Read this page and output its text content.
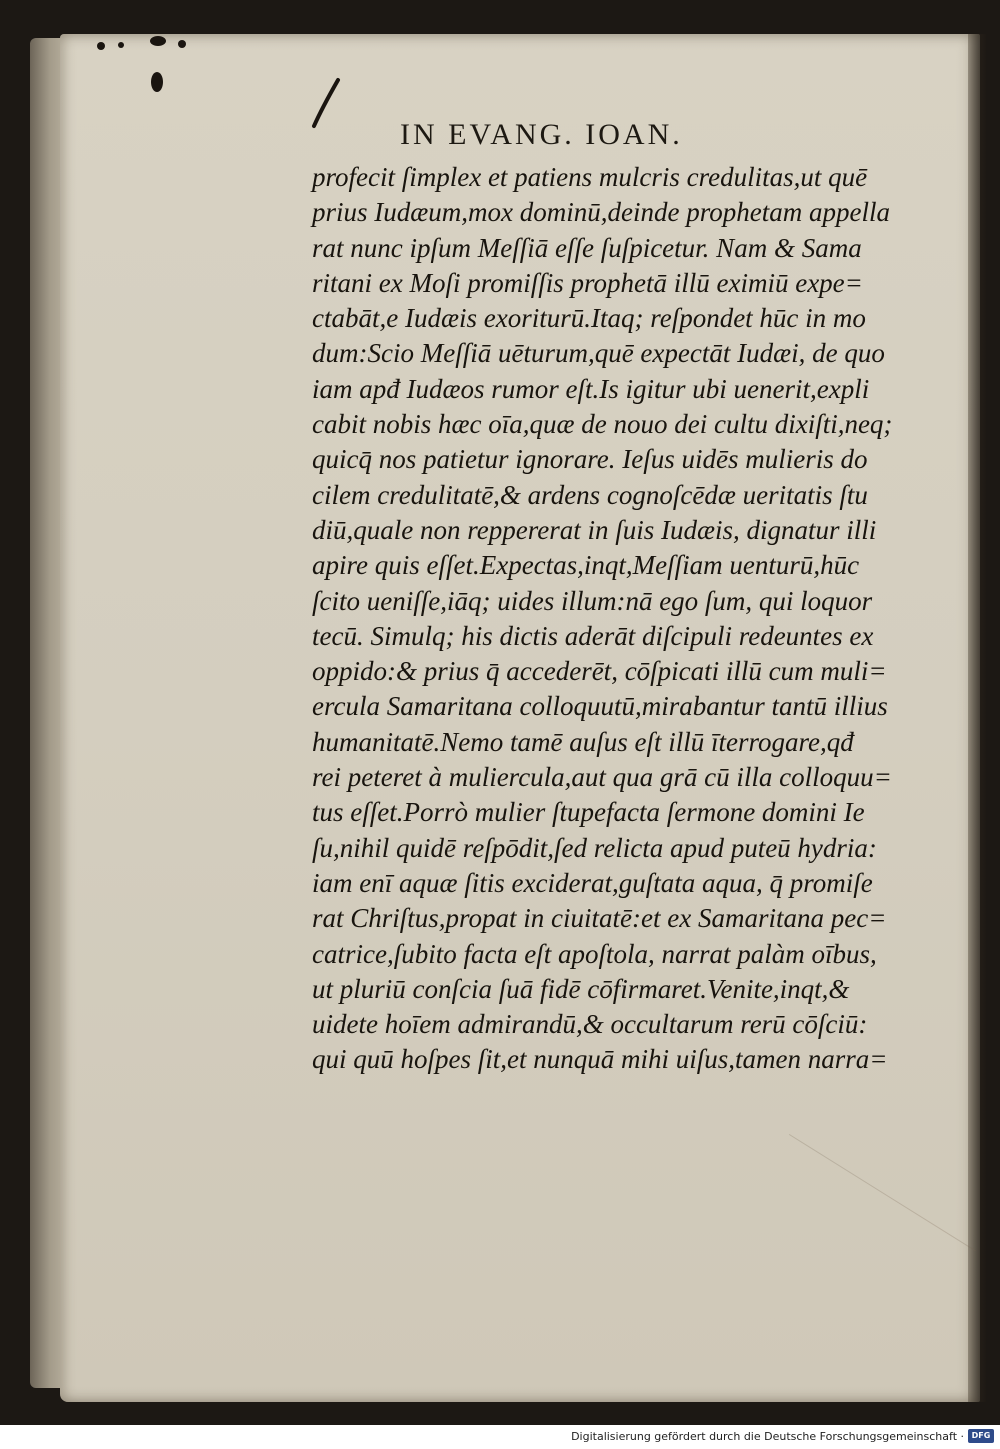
IN EVANG. IOAN.
profecit ſimplex et patiens mulcris credulitas,ut quē
prius Iudæum,mox dominū,deinde prophetam appella
rat nunc ipſum Meſſiā eſſe ſuſpicetur. Nam & Sama
ritani ex Moſi promiſſis prophetā illū eximiū expe=
ctabāt,e Iudæis exoriturū.Itaq; reſpondet hūc in mo
dum:Scio Meſſiā uēturum,quē expectāt Iudæi, de quo
iam apđ Iudæos rumor eſt.Is igitur ubi uenerit,expli
cabit nobis hæc oīa,quæ de nouo dei cultu dixiſti,neq;
quicq̄ nos patietur ignorare. Ieſus uidēs mulieris do
cilem credulitatē,& ardens cognoſcēdæ ueritatis ſtu
diū,quale non reppererat in ſuis Iudæis, dignatur illi
apire quis eſſet.Expectas,inqt,Meſſiam uenturū,hūc
ſcito ueniſſe,iāq; uides illum:nā ego ſum, qui loquor
tecū. Simulq; his dictis aderāt diſcipuli redeuntes ex
oppido:& prius q̄ accederēt, cōſpicati illū cum muli=
ercula Samaritana colloquutū,mirabantur tantū illius
humanitatē.Nemo tamē auſus eſt illū īterrogare,qđ
rei peteret à muliercula,aut qua grā cū illa colloquu=
tus eſſet.Porrò mulier ſtupefacta ſermone domini Ie
ſu,nihil quidē reſpōdit,ſed relicta apud puteū hydria:
iam enī aquæ ſitis exciderat,guſtata aqua, q̄ promiſe
rat Chriſtus,propat in ciuitatē:et ex Samaritana pec=
catrice,ſubito facta eſt apoſtola, narrat palàm oībus,
ut pluriū conſcia ſuā fidē cōfirmaret.Venite,inqt,&
uidete hoīem admirandū,& occultarum rerū cōſciū:
qui quū hoſpes ſit,et nunquā mihi uiſus,tamen narra=
Digitalisierung gefördert durch die Deutsche Forschungsgemeinschaft · DFG
